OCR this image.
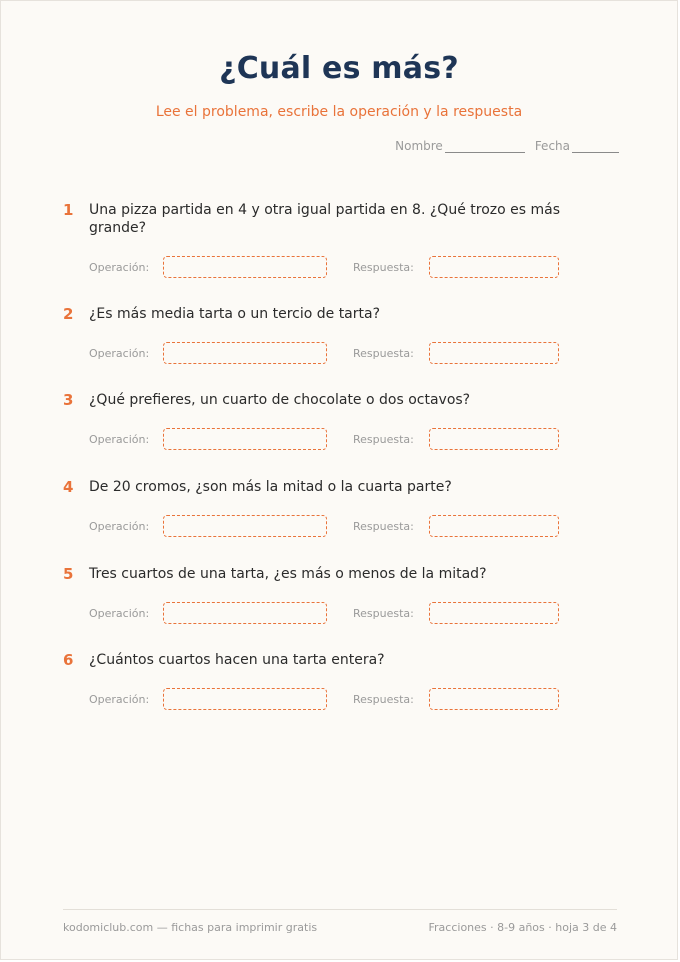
¿Cuál es más?
Lee el problema, escribe la operación y la respuesta
Nombre	Fecha
1	Una pizza partida en 4 y otra igual partida en 8. ¿Qué trozo es más grande?
Operación:	Respuesta:
2	¿Es más media tarta o un tercio de tarta?
Operación:	Respuesta:
3	¿Qué prefieres, un cuarto de chocolate o dos octavos?
Operación:	Respuesta:
4	De 20 cromos, ¿son más la mitad o la cuarta parte?
Operación:	Respuesta:
5	Tres cuartos de una tarta, ¿es más o menos de la mitad?
Operación:	Respuesta:
6	¿Cuántos cuartos hacen una tarta entera?
Operación:	Respuesta:
kodomiclub.com — fichas para imprimir gratis	Fracciones · 8-9 años · hoja 3 de 4
